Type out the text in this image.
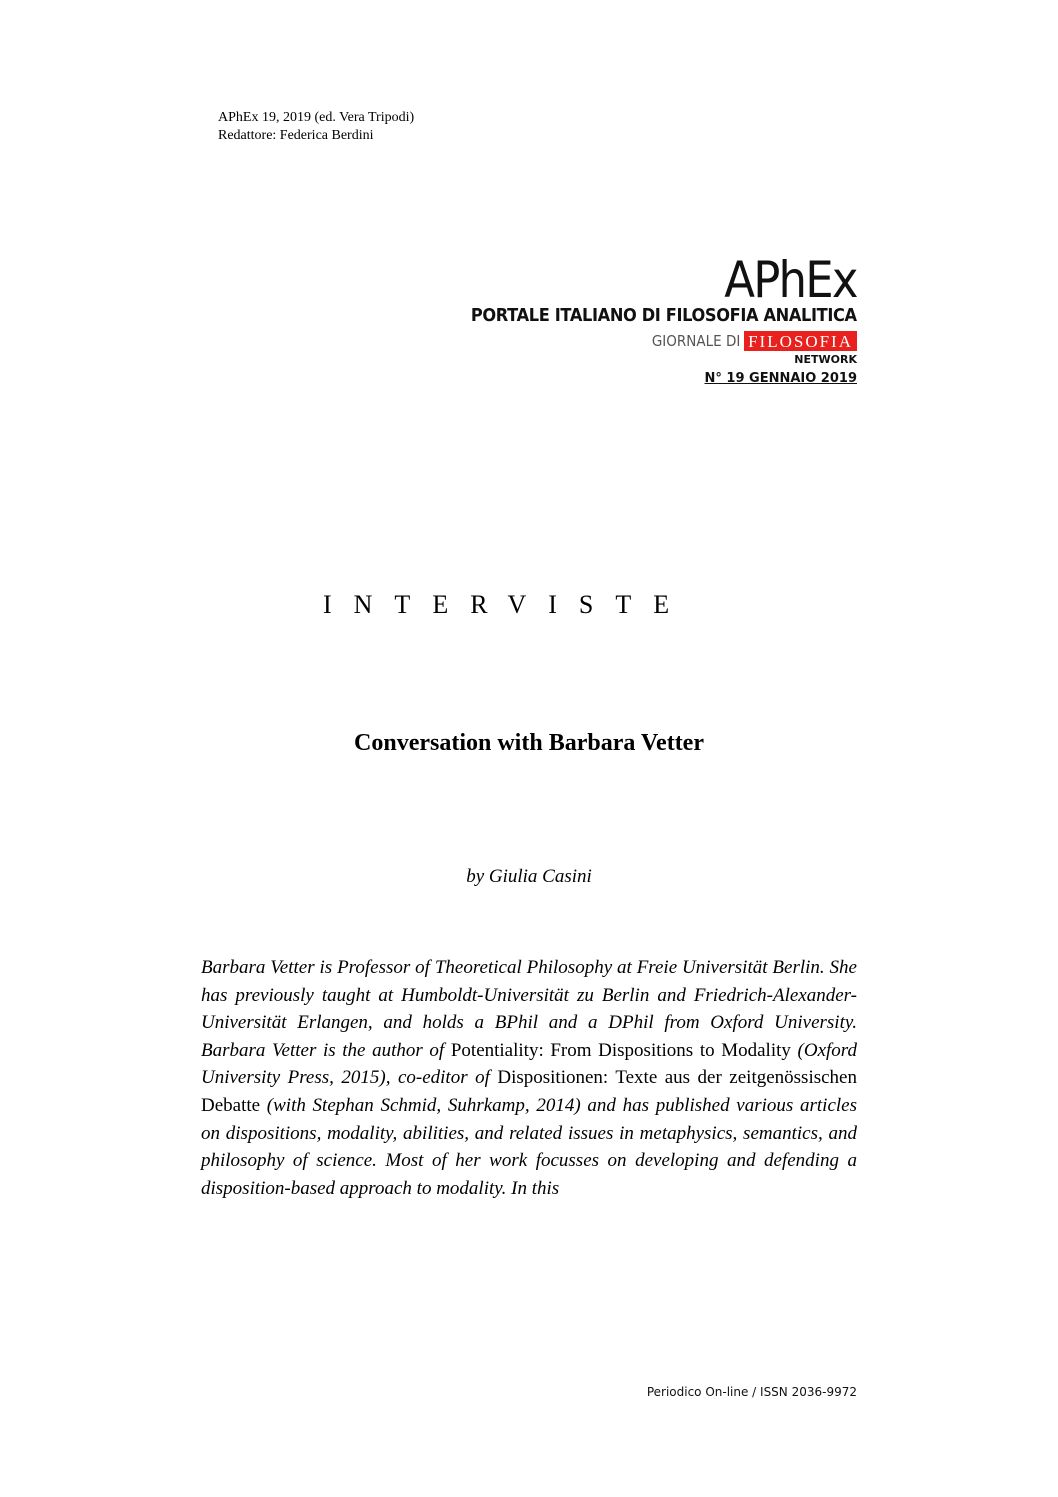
APhEx 19, 2019 (ed. Vera Tripodi)
Redattore: Federica Berdini
APhEx
PORTALE ITALIANO DI FILOSOFIA ANALITICA
GIORNALE DI FILOSOFIA
NETWORK
N° 19 GENNAIO 2019
INTERVISTE
Conversation with Barbara Vetter
by Giulia Casini
Barbara Vetter is Professor of Theoretical Philosophy at Freie Universität Berlin. She has previously taught at Humboldt-Universität zu Berlin and Friedrich-Alexander-Universität Erlangen, and holds a BPhil and a DPhil from Oxford University. Barbara Vetter is the author of Potentiality: From Dispositions to Modality (Oxford University Press, 2015), co-editor of Dispositionen: Texte aus der zeitgenössischen Debatte (with Stephan Schmid, Suhrkamp, 2014) and has published various articles on dispositions, modality, abilities, and related issues in metaphysics, semantics, and philosophy of science. Most of her work focusses on developing and defending a disposition-based approach to modality. In this
Periodico On-line / ISSN 2036-9972
